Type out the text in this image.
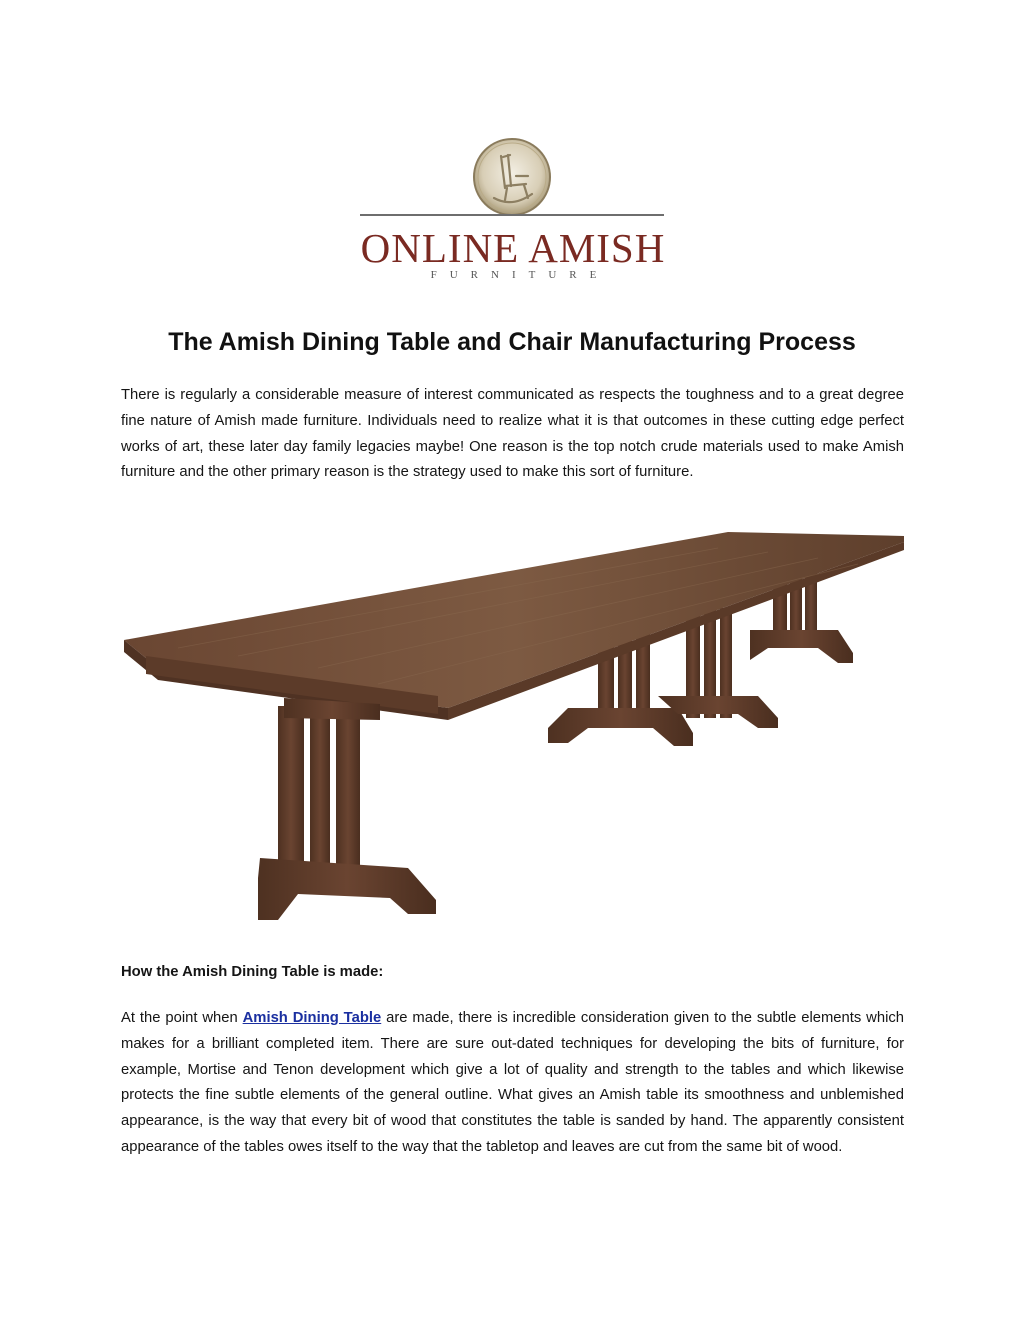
ONLINE AMISH
FURNITURE
The Amish Dining Table and Chair Manufacturing Process

There is regularly a considerable measure of interest communicated as respects the toughness and to a great degree fine nature of Amish made furniture. Individuals need to realize what it is that outcomes in these cutting edge perfect works of art, these later day family legacies maybe! One reason is the top notch crude materials used to make Amish furniture and the other primary reason is the strategy used to make this sort of furniture.

How the Amish Dining Table is made:

At the point when Amish Dining Table are made, there is incredible consideration given to the subtle elements which makes for a brilliant completed item. There are sure out-dated techniques for developing the bits of furniture, for example, Mortise and Tenon development which give a lot of quality and strength to the tables and which likewise protects the fine subtle elements of the general outline. What gives an Amish table its smoothness and unblemished appearance, is the way that every bit of wood that constitutes the table is sanded by hand. The apparently consistent appearance of the tables owes itself to the way that the tabletop and leaves are cut from the same bit of wood.
